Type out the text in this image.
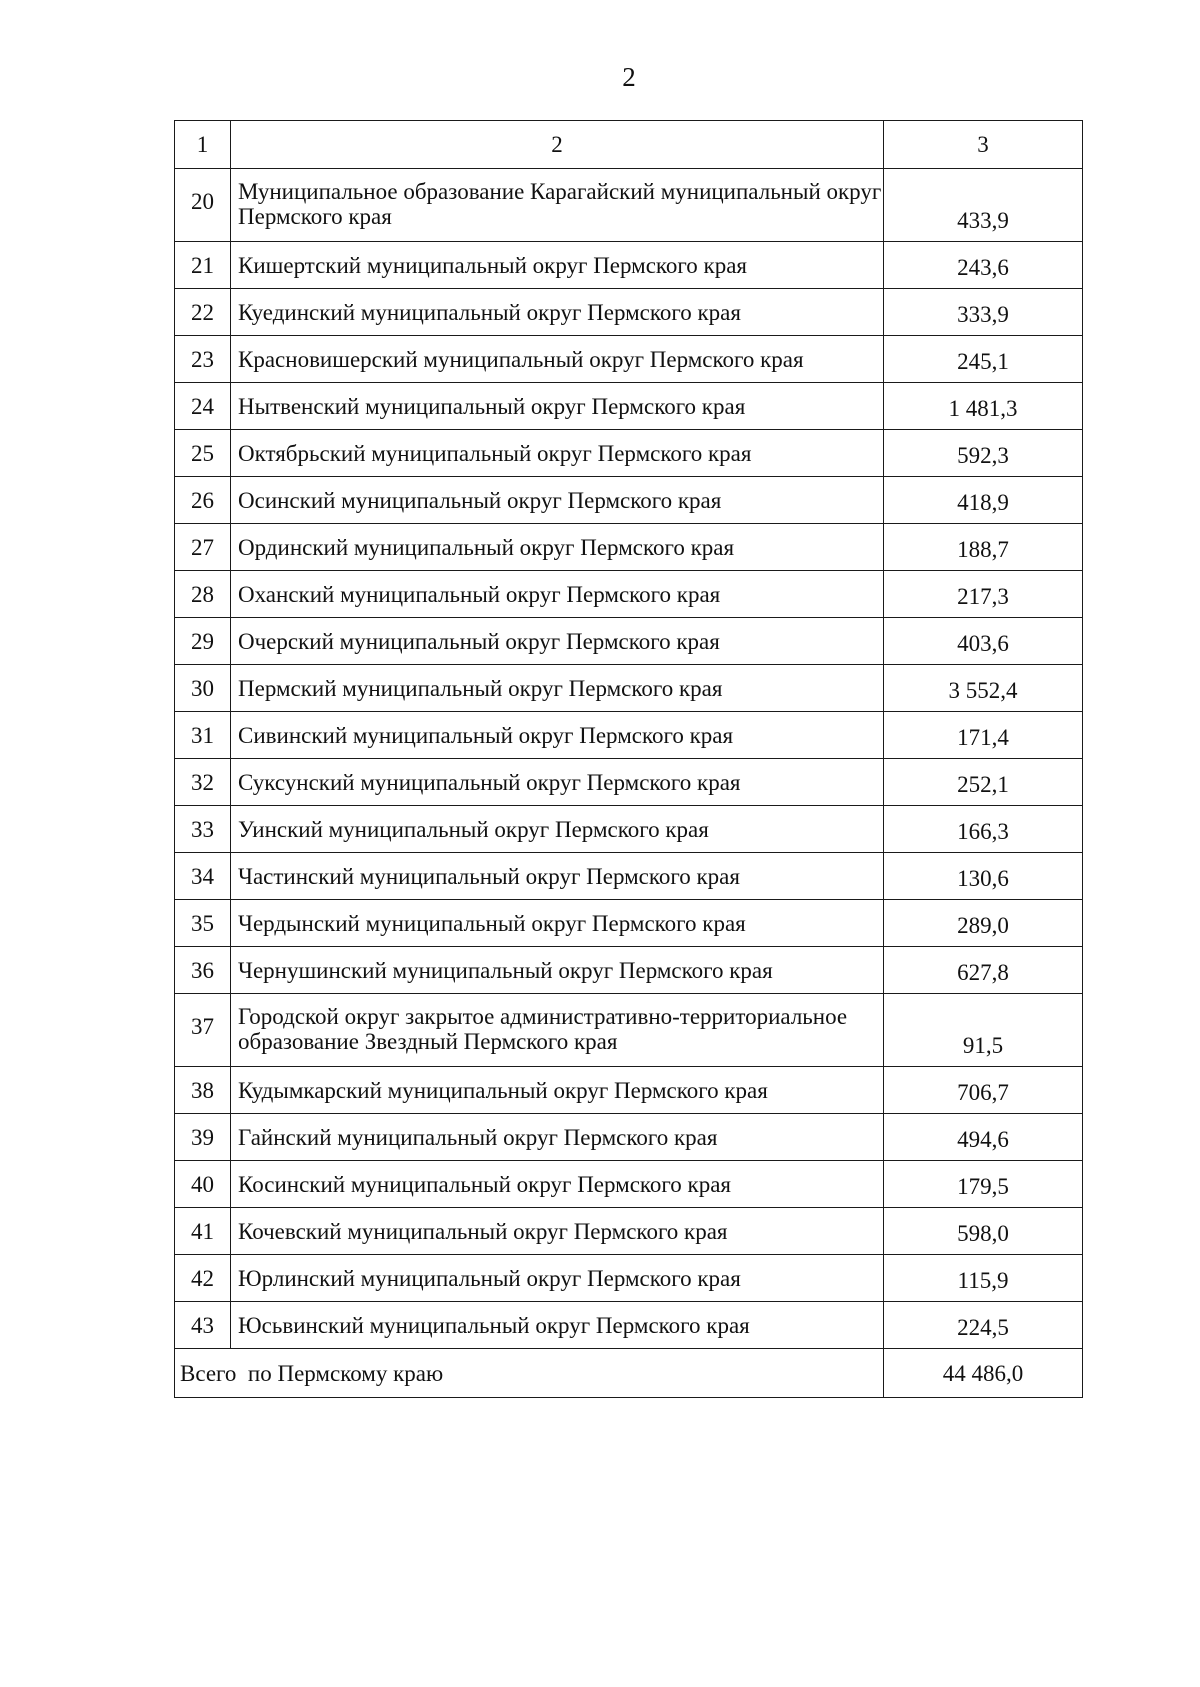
2
1	2	3
20	Муниципальное образование Карагайский муниципальный округ Пермского края	433,9
21	Кишертский муниципальный округ Пермского края	243,6
22	Куединский муниципальный округ Пермского края	333,9
23	Красновишерский муниципальный округ Пермского края	245,1
24	Нытвенский муниципальный округ Пермского края	1 481,3
25	Октябрьский муниципальный округ Пермского края	592,3
26	Осинский муниципальный округ Пермского края	418,9
27	Ординский муниципальный округ Пермского края	188,7
28	Оханский муниципальный округ Пермского края	217,3
29	Очерский муниципальный округ Пермского края	403,6
30	Пермский муниципальный округ Пермского края	3 552,4
31	Сивинский муниципальный округ Пермского края	171,4
32	Суксунский муниципальный округ Пермского края	252,1
33	Уинский муниципальный округ Пермского края	166,3
34	Частинский муниципальный округ Пермского края	130,6
35	Чердынский муниципальный округ Пермского края	289,0
36	Чернушинский муниципальный округ Пермского края	627,8
37	Городской округ закрытое административно-территориальное образование Звездный Пермского края	91,5
38	Кудымкарский муниципальный округ Пермского края	706,7
39	Гайнский муниципальный округ Пермского края	494,6
40	Косинский муниципальный округ Пермского края	179,5
41	Кочевский муниципальный округ Пермского края	598,0
42	Юрлинский муниципальный округ Пермского края	115,9
43	Юсьвинский муниципальный округ Пермского края	224,5
Всего  по Пермскому краю		44 486,0
